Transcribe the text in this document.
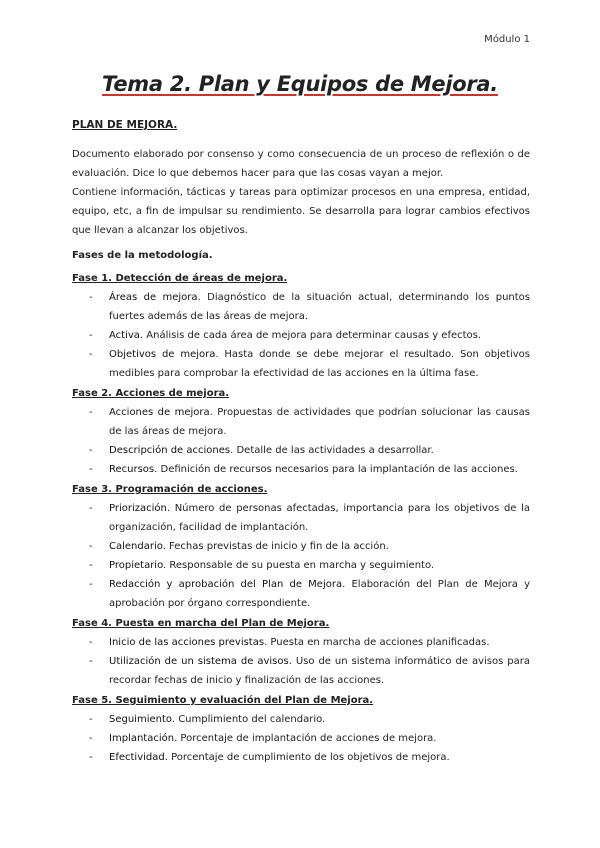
Módulo 1
Tema 2. Plan y Equipos de Mejora.
PLAN DE MEJORA.

Documento elaborado por consenso y como consecuencia de un proceso de reflexión o de evaluación. Dice lo que debemos hacer para que las cosas vayan a mejor.

Contiene información, tácticas y tareas para optimizar procesos en una empresa, entidad, equipo, etc, a fin de impulsar su rendimiento. Se desarrolla para lograr cambios efectivos que llevan a alcanzar los objetivos.

Fases de la metodología.
Fase 1. Detección de áreas de mejora.
- Áreas de mejora. Diagnóstico de la situación actual, determinando los puntos fuertes además de las áreas de mejora.
- Activa. Análisis de cada área de mejora para determinar causas y efectos.
- Objetivos de mejora. Hasta donde se debe mejorar el resultado. Son objetivos medibles para comprobar la efectividad de las acciones en la última fase.
Fase 2. Acciones de mejora.
- Acciones de mejora. Propuestas de actividades que podrían solucionar las causas de las áreas de mejora.
- Descripción de acciones. Detalle de las actividades a desarrollar.
- Recursos. Definición de recursos necesarios para la implantación de las acciones.
Fase 3. Programación de acciones.
- Priorización. Número de personas afectadas, importancia para los objetivos de la organización, facilidad de implantación.
- Calendario. Fechas previstas de inicio y fin de la acción.
- Propietario. Responsable de su puesta en marcha y seguimiento.
- Redacción y aprobación del Plan de Mejora. Elaboración del Plan de Mejora y aprobación por órgano correspondiente.
Fase 4. Puesta en marcha del Plan de Mejora.
- Inicio de las acciones previstas. Puesta en marcha de acciones planificadas.
- Utilización de un sistema de avisos. Uso de un sistema informático de avisos para recordar fechas de inicio y finalización de las acciones.
Fase 5. Seguimiento y evaluación del Plan de Mejora.
- Seguimiento. Cumplimiento del calendario.
- Implantación. Porcentaje de implantación de acciones de mejora.
- Efectividad. Porcentaje de cumplimiento de los objetivos de mejora.
